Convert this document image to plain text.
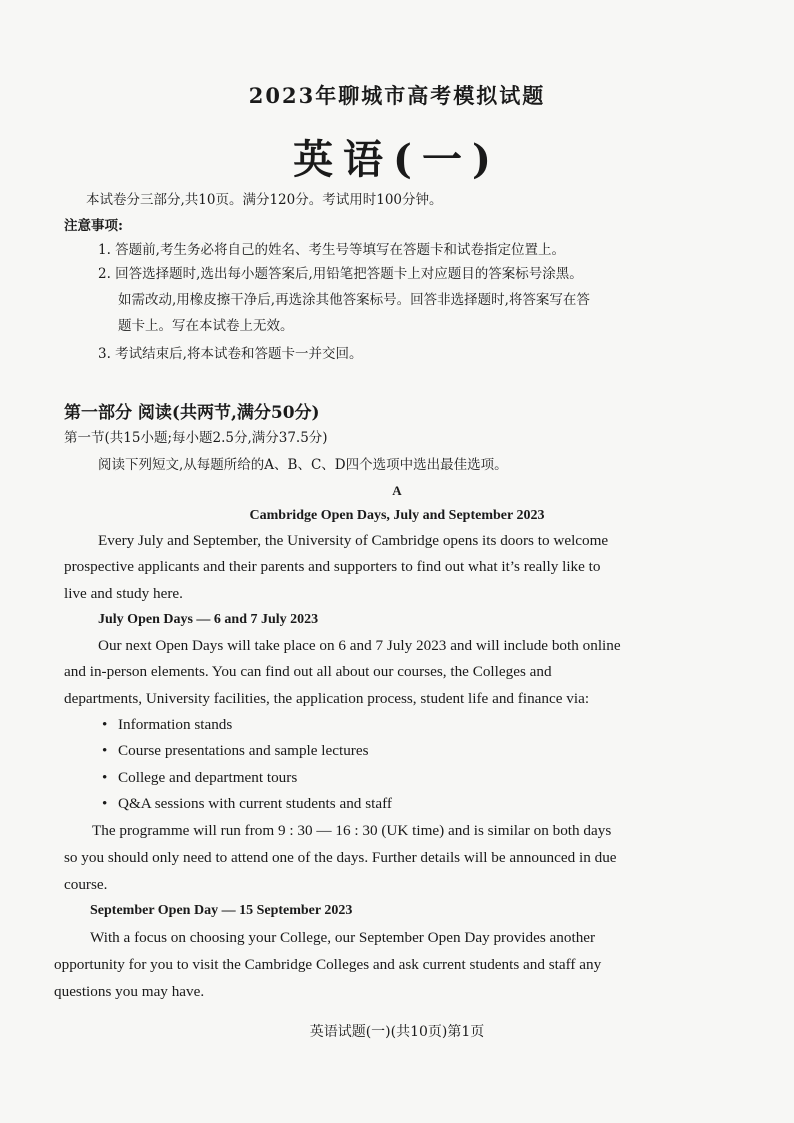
2023年聊城市高考模拟试题
英语(一)
本试卷分三部分,共10页。满分120分。考试用时100分钟。
注意事项:
1. 答题前,考生务必将自己的姓名、考生号等填写在答题卡和试卷指定位置上。
2. 回答选择题时,选出每小题答案后,用铅笔把答题卡上对应题目的答案标号涂黑。
如需改动,用橡皮擦干净后,再选涂其他答案标号。回答非选择题时,将答案写在答
题卡上。写在本试卷上无效。
3. 考试结束后,将本试卷和答题卡一并交回。
第一部分 阅读(共两节,满分50分)
第一节(共15小题;每小题2.5分,满分37.5分)
阅读下列短文,从每题所给的A、B、C、D四个选项中选出最佳选项。
A
Cambridge Open Days, July and September 2023
Every July and September, the University of Cambridge opens its doors to welcome
prospective applicants and their parents and supporters to find out what it’s really like to
live and study here.
July Open Days — 6 and 7 July 2023
Our next Open Days will take place on 6 and 7 July 2023 and will include both online
and in-person elements. You can find out all about our courses, the Colleges and
departments, University facilities, the application process, student life and finance via:
• Information stands
• Course presentations and sample lectures
• College and department tours
• Q&A sessions with current students and staff
The programme will run from 9 : 30 — 16 : 30 (UK time) and is similar on both days
so you should only need to attend one of the days. Further details will be announced in due
course.
September Open Day — 15 September 2023
With a focus on choosing your College, our September Open Day provides another
opportunity for you to visit the Cambridge Colleges and ask current students and staff any
questions you may have.
英语试题(一)(共10页)第1页
